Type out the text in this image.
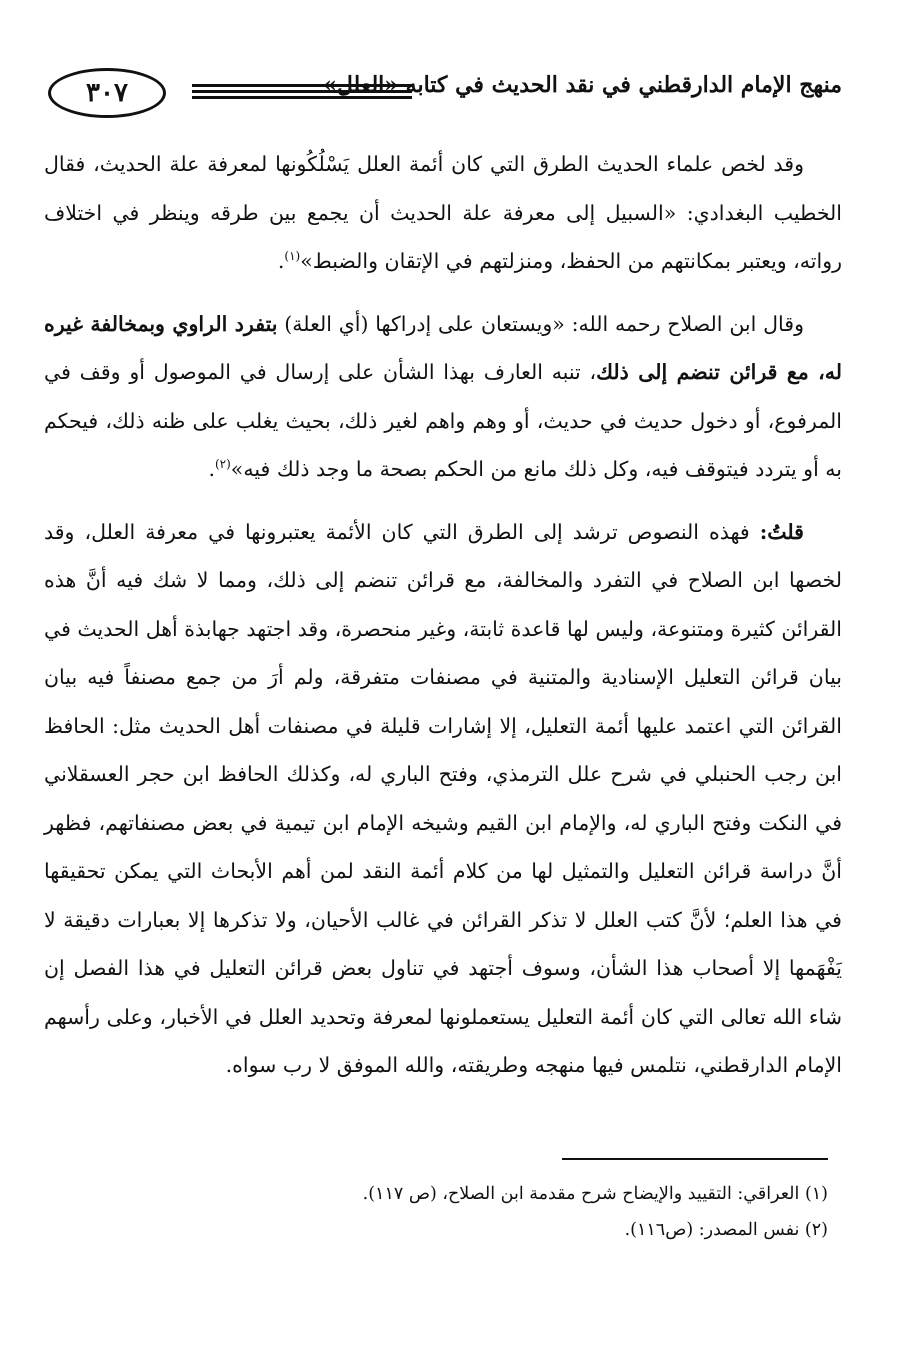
٣٠٧	منهج الإمام الدارقطني في نقد الحديث في كتابه «العلل»

وقد لخص علماء الحديث الطرق التي كان أئمة العلل يَسْلُكُونها لمعرفة علة الحديث، فقال الخطيب البغدادي: «السبيل إلى معرفة علة الحديث أن يجمع بين طرقه وينظر في اختلاف رواته، ويعتبر بمكانتهم من الحفظ، ومنزلتهم في الإتقان والضبط»$^{(١)}$.

وقال ابن الصلاح رحمه الله: «ويستعان على إدراكها (أي العلة) بتفرد الراوي وبمخالفة غيره له، مع قرائن تنضم إلى ذلك، تنبه العارف بهذا الشأن على إرسال في الموصول أو وقف في المرفوع، أو دخول حديث في حديث، أو وهم واهم لغير ذلك، بحيث يغلب على ظنه ذلك، فيحكم به أو يتردد فيتوقف فيه، وكل ذلك مانع من الحكم بصحة ما وجد ذلك فيه»$^{(٢)}$.

قلتُ: فهذه النصوص ترشد إلى الطرق التي كان الأئمة يعتبرونها في معرفة العلل، وقد لخصها ابن الصلاح في التفرد والمخالفة، مع قرائن تنضم إلى ذلك، ومما لا شك فيه أنَّ هذه القرائن كثيرة ومتنوعة، وليس لها قاعدة ثابتة، وغير منحصرة، وقد اجتهد جهابذة أهل الحديث في بيان قرائن التعليل الإسنادية والمتنية في مصنفات متفرقة، ولم أرَ من جمع مصنفاً فيه بيان القرائن التي اعتمد عليها أئمة التعليل، إلا إشارات قليلة في مصنفات أهل الحديث مثل: الحافظ ابن رجب الحنبلي في شرح علل الترمذي، وفتح الباري له، وكذلك الحافظ ابن حجر العسقلاني في النكت وفتح الباري له، والإمام ابن القيم وشيخه الإمام ابن تيمية في بعض مصنفاتهم، فظهر أنَّ دراسة قرائن التعليل والتمثيل لها من كلام أئمة النقد لمن أهم الأبحاث التي يمكن تحقيقها في هذا العلم؛ لأنَّ كتب العلل لا تذكر القرائن في غالب الأحيان، ولا تذكرها إلا بعبارات دقيقة لا يَفْهَمها إلا أصحاب هذا الشأن، وسوف أجتهد في تناول بعض قرائن التعليل في هذا الفصل إن شاء الله تعالى التي كان أئمة التعليل يستعملونها لمعرفة وتحديد العلل في الأخبار، وعلى رأسهم الإمام الدارقطني، نتلمس فيها منهجه وطريقته، والله الموفق لا رب سواه.

(١) العراقي: التقييد والإيضاح شرح مقدمة ابن الصلاح، (ص ١١٧).

(٢) نفس المصدر: (ص١١٦).
